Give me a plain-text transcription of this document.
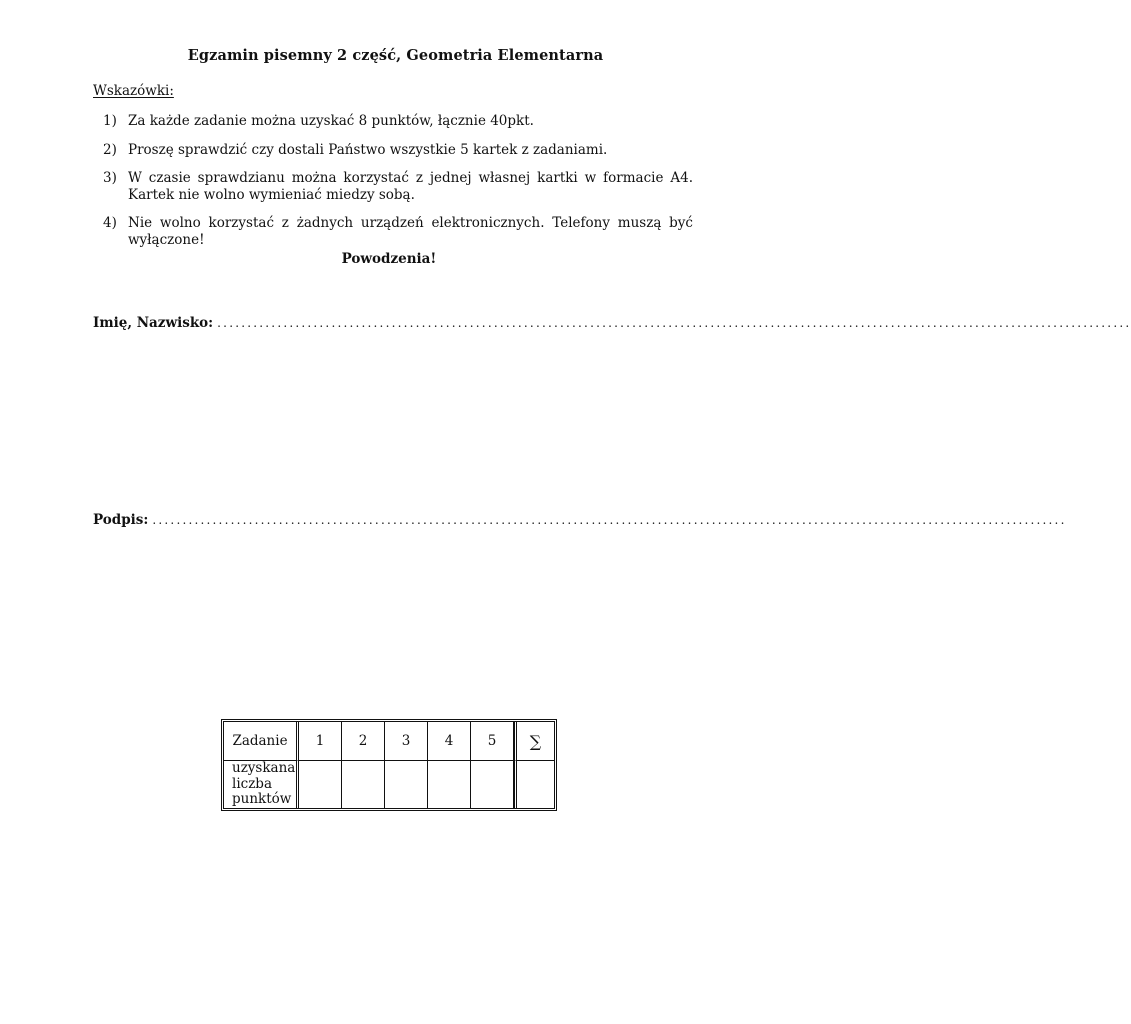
Egzamin pisemny 2 część, Geometria Elementarna
Wskazówki:
1) Za każde zadanie można uzyskać 8 punktów, łącznie 40pkt.
2) Proszę sprawdzić czy dostali Państwo wszystkie 5 kartek z zadaniami.
3) W czasie sprawdzianu można korzystać z jednej własnej kartki w formacie A4. Kartek nie wolno wymieniać miedzy sobą.
4) Nie wolno korzystać z żadnych urządzeń elektronicznych. Telefony muszą być wyłączone!
Powodzenia!
Imię, Nazwisko: ........................................................................................................................................................
Podpis: ........................................................................................................................................................
Zadanie	1	2	3	4	5	∑
uzyskana liczba punktów						
